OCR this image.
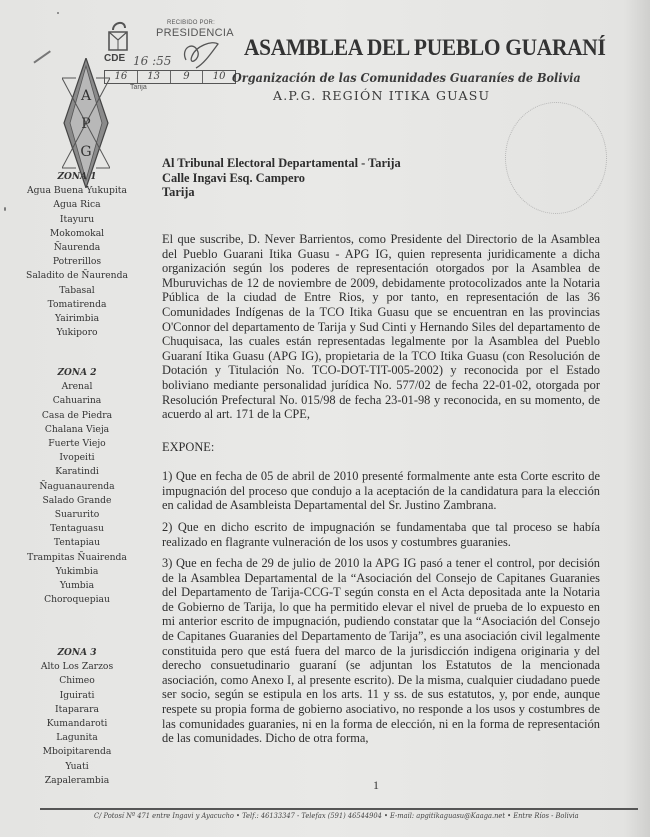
A
P
G
CDE
RECIBIDO POR:
PRESIDENCIA
16 :55
16	13	9	10
Tarija
ASAMBLEA DEL PUEBLO GUARANÍ
Organización de las Comunidades Guaraníes de Bolivia
A.P.G. REGIÓN ITIKA GUASU
ZONA 1
Agua Buena Yukupita
Agua Rica
Itayuru
Mokomokal
Ñaurenda
Potrerillos
Saladito de Ñaurenda
Tabasal
Tomatirenda
Yairimbia
Yukiporo
ZONA 2
Arenal
Cahuarina
Casa de Piedra
Chalana Vieja
Fuerte Viejo
Ivopeiti
Karatindi
Ñaguanaurenda
Salado Grande
Suarurito
Tentaguasu
Tentapiau
Trampitas Ñuairenda
Yukimbia
Yumbia
Choroquepiau
ZONA 3
Alto Los Zarzos
Chimeo
Iguirati
Itaparara
Kumandaroti
Lagunita
Mboipitarenda
Yuati
Zapalerambia
Al Tribunal Electoral Departamental - Tarija
Calle Ingavi Esq. Campero
Tarija

El que suscribe, D. Never Barrientos, como Presidente del Directorio de la Asamblea del Pueblo Guarani Itika Guasu - APG IG, quien representa juridicamente a dicha organización según los poderes de representación otorgados por la Asamblea de Mburuvichas de 12 de noviembre de 2009, debidamente protocolizados ante la Notaria Pública de la ciudad de Entre Rios, y por tanto, en representación de las 36 Comunidades Indígenas de la TCO Itika Guasu que se encuentran en las provincias O'Connor del departamento de Tarija y Sud Cinti y Hernando Siles del departamento de Chuquisaca, las cuales están representadas legalmente por la Asamblea del Pueblo Guaraní Itika Guasu (APG IG), propietaria de la TCO Itika Guasu (con Resolución de Dotación y Titulación No. TCO-DOT-TIT-005-2002) y reconocida por el Estado boliviano mediante personalidad jurídica No. 577/02 de fecha 22-01-02, otorgada por Resolución Prefectural No. 015/98 de fecha 23-01-98 y reconocida, en su momento, de acuerdo al art. 171 de la CPE,

EXPONE:

1) Que en fecha de 05 de abril de 2010 presenté formalmente ante esta Corte escrito de impugnación del proceso que condujo a la aceptación de la candidatura para la elección en calidad de Asambleista Departamental del Sr. Justino Zambrana.

2) Que en dicho escrito de impugnación se fundamentaba que tal proceso se había realizado en flagrante vulneración de los usos y costumbres guaranies.

3) Que en fecha de 29 de julio de 2010 la APG IG pasó a tener el control, por decisión de la Asamblea Departamental de la “Asociación del Consejo de Capitanes Guaranies del Departamento de Tarija-CCG-T según consta en el Acta depositada ante la Notaria de Gobierno de Tarija, lo que ha permitido elevar el nivel de prueba de lo expuesto en mi anterior escrito de impugnación, pudiendo constatar que la “Asociación del Consejo de Capitanes Guaranies del Departamento de Tarija”, es una asociación civil legalmente constituida pero que está fuera del marco de la jurisdicción indigena originaria y del derecho consuetudinario guaraní (se adjuntan los Estatutos de la mencionada asociación, como Anexo I, al presente escrito). De la misma, cualquier ciudadano puede ser socio, según se estipula en los arts. 11 y ss. de sus estatutos, y, por ende, aunque respete su propia forma de gobierno asociativo, no responde a los usos y costumbres de las comunidades guaranies, ni en la forma de elección, ni en la forma de representación de las comunidades. Dicho de otra forma,

1
C/ Potosí Nº 471 entre Ingavi y Ayacucho • Telf.: 46133347 - Telefax (591) 46544904 • E-mail: apgitikaguasu@Kaaga.net • Entre Ríos - Bolivia
